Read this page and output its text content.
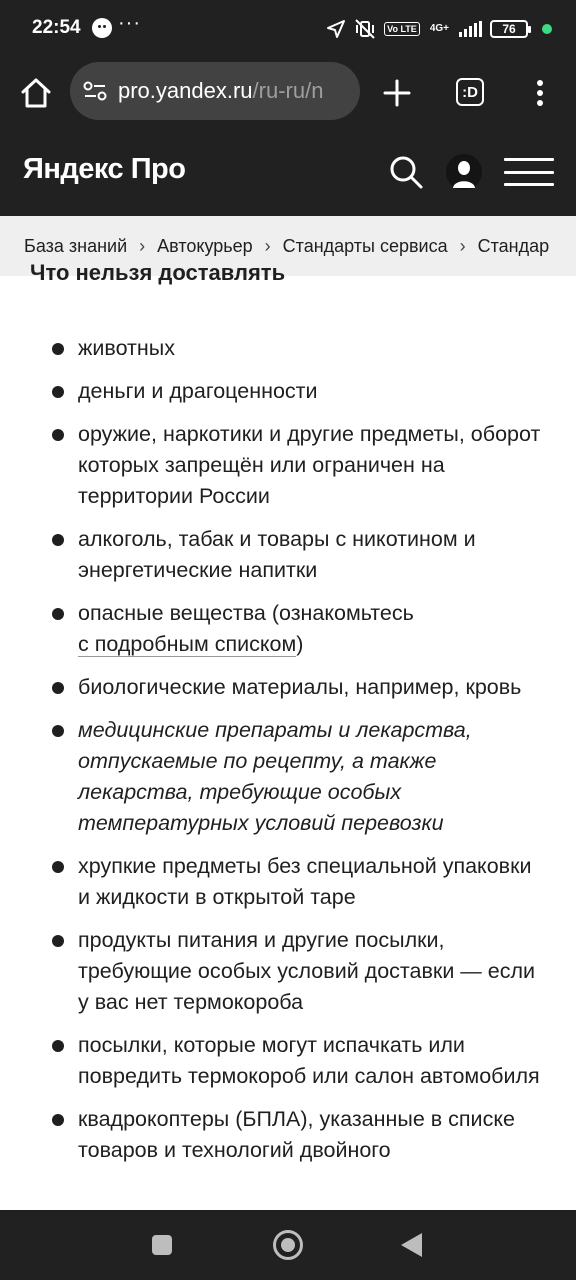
22:54 ···	Vo LTE	4G+	76
pro.yandex.ru/ru-ru/n	:D
Яндекс Про
База знаний › Автокурьер › Стандарты сервиса › Стандар
Что нельзя доставлять
животных
деньги и драгоценности
оружие, наркотики и другие предметы, оборот которых запрещён или ограничен на территории России
алкоголь, табак и товары с никотином и энергетические напитки
опасные вещества (ознакомьтесь
с подробным списком)
биологические материалы, например, кровь
медицинские препараты и лекарства, отпускаемые по рецепту, а также лекарства, требующие особых температурных условий перевозки
хрупкие предметы без специальной упаковки и жидкости в открытой таре
продукты питания и другие посылки, требующие особых условий доставки — если у вас нет термокороба
посылки, которые могут испачкать или повредить термокороб или салон автомобиля
квадрокоптеры (БПЛА), указанные в списке товаров и технологий двойного
